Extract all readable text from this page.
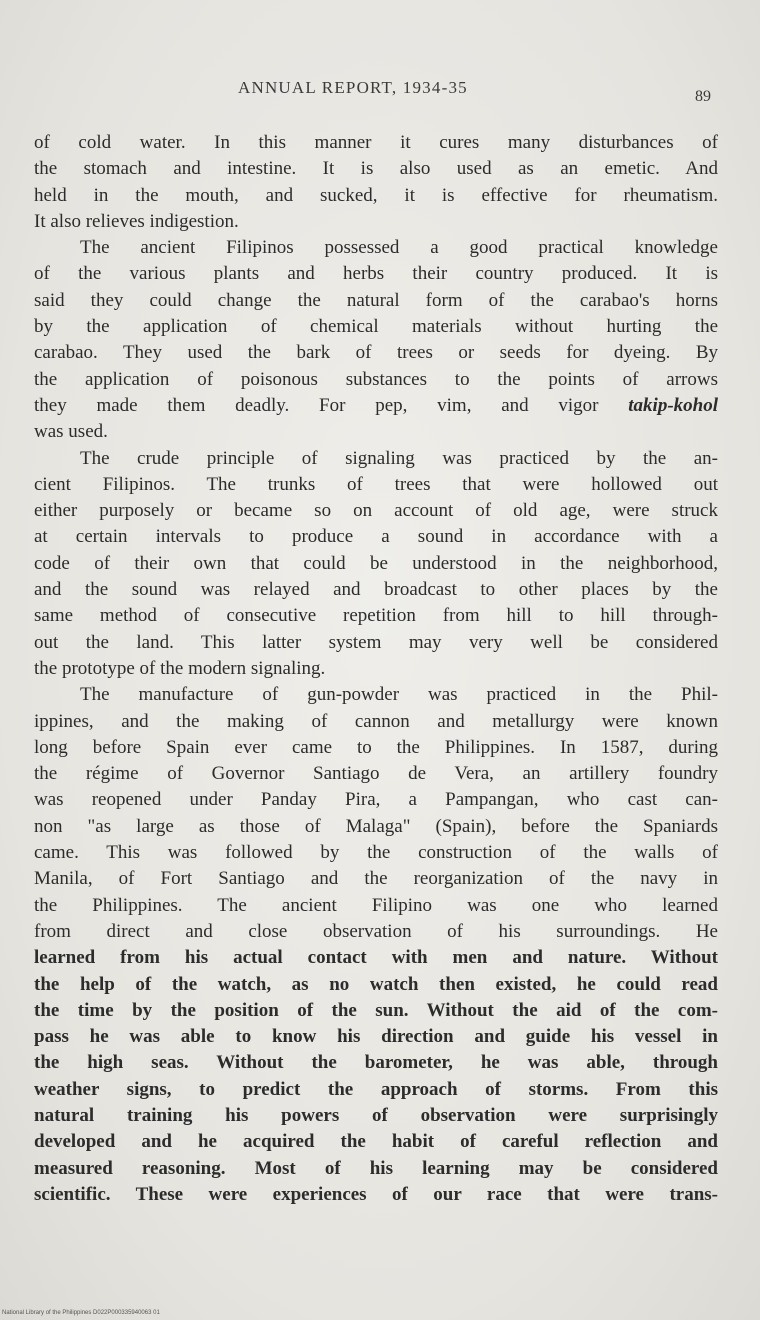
ANNUAL REPORT, 1934-35	89

of cold water. In this manner it cures many disturbances of
the stomach and intestine. It is also used as an emetic. And
held in the mouth, and sucked, it is effective for rheumatism.
It also relieves indigestion.

The ancient Filipinos possessed a good practical knowledge
of the various plants and herbs their country produced. It is
said they could change the natural form of the carabao's horns
by the application of chemical materials without hurting the
carabao. They used the bark of trees or seeds for dyeing. By
the application of poisonous substances to the points of arrows
they made them deadly. For pep, vim, and vigor takip-kohol
was used.

The crude principle of signaling was practiced by the an-
cient Filipinos. The trunks of trees that were hollowed out
either purposely or became so on account of old age, were struck
at certain intervals to produce a sound in accordance with a
code of their own that could be understood in the neighborhood,
and the sound was relayed and broadcast to other places by the
same method of consecutive repetition from hill to hill through-
out the land. This latter system may very well be considered
the prototype of the modern signaling.

The manufacture of gun-powder was practiced in the Phil-
ippines, and the making of cannon and metallurgy were known
long before Spain ever came to the Philippines. In 1587, during
the régime of Governor Santiago de Vera, an artillery foundry
was reopened under Panday Pira, a Pampangan, who cast can-
non "as large as those of Malaga" (Spain), before the Spaniards
came. This was followed by the construction of the walls of
Manila, of Fort Santiago and the reorganization of the navy in
the Philippines. The ancient Filipino was one who learned
from direct and close observation of his surroundings. He
learned from his actual contact with men and nature. Without
the help of the watch, as no watch then existed, he could read
the time by the position of the sun. Without the aid of the com-
pass he was able to know his direction and guide his vessel in
the high seas. Without the barometer, he was able, through
weather signs, to predict the approach of storms. From this
natural training his powers of observation were surprisingly
developed and he acquired the habit of careful reflection and
measured reasoning. Most of his learning may be considered
scientific. These were experiences of our race that were trans-

National Library of the Philippines D022P000335940063 01
